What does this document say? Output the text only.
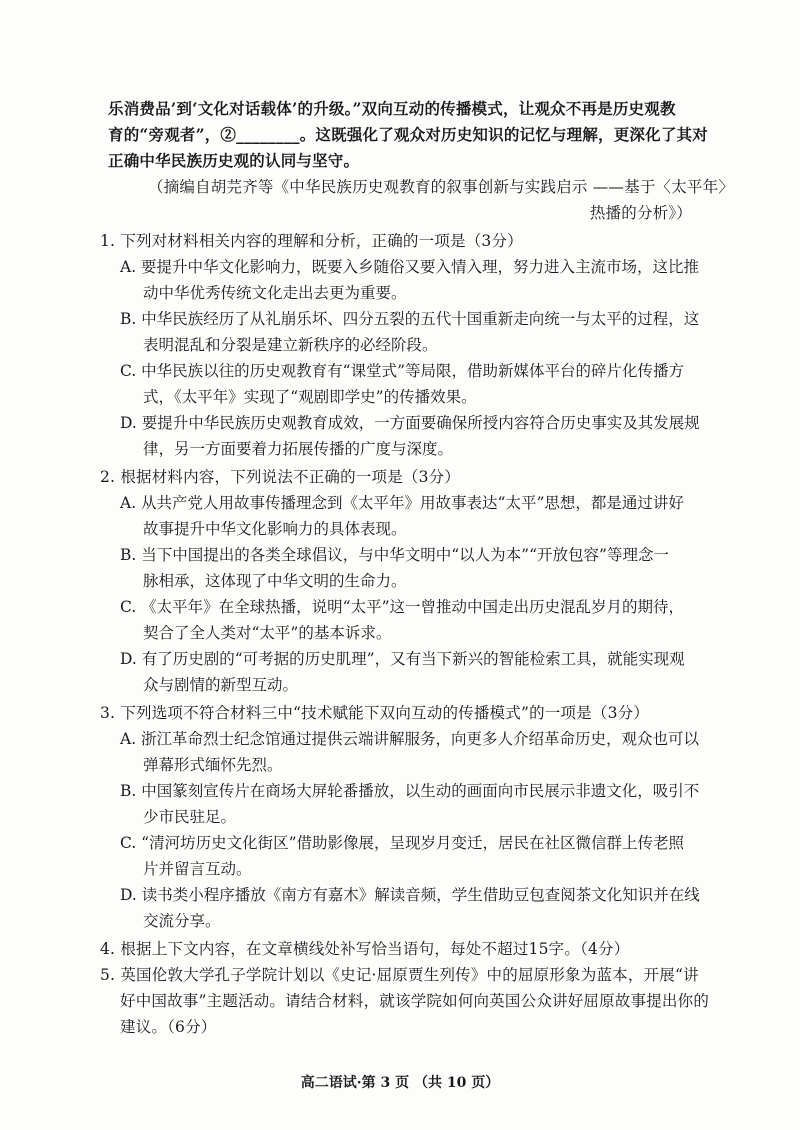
乐消费品’到‘文化对话载体’的升级。”双向互动的传播模式，让观众不再是历史观教
育的“旁观者”，②________。这既强化了观众对历史知识的记忆与理解，更深化了其对
正确中华民族历史观的认同与坚守。
（摘编自胡芫齐等《中华民族历史观教育的叙事创新与实践启示 ——基于〈太平年〉
热播的分析》）
1. 下列对材料相关内容的理解和分析，正确的一项是（3分）
A. 要提升中华文化影响力，既要入乡随俗又要入情入理，努力进入主流市场，这比推
动中华优秀传统文化走出去更为重要。
B. 中华民族经历了从礼崩乐坏、四分五裂的五代十国重新走向统一与太平的过程，这
表明混乱和分裂是建立新秩序的必经阶段。
C. 中华民族以往的历史观教育有“课堂式”等局限，借助新媒体平台的碎片化传播方
式，《太平年》实现了“观剧即学史”的传播效果。
D. 要提升中华民族历史观教育成效，一方面要确保所授内容符合历史事实及其发展规
律，另一方面要着力拓展传播的广度与深度。
2. 根据材料内容，下列说法不正确的一项是（3分）
A. 从共产党人用故事传播理念到《太平年》用故事表达“太平”思想，都是通过讲好
故事提升中华文化影响力的具体表现。
B. 当下中国提出的各类全球倡议，与中华文明中“以人为本”“开放包容”等理念一
脉相承，这体现了中华文明的生命力。
C. 《太平年》在全球热播，说明“太平”这一曾推动中国走出历史混乱岁月的期待，
契合了全人类对“太平”的基本诉求。
D. 有了历史剧的“可考据的历史肌理”，又有当下新兴的智能检索工具，就能实现观
众与剧情的新型互动。
3. 下列选项不符合材料三中“技术赋能下双向互动的传播模式”的一项是（3分）
A. 浙江革命烈士纪念馆通过提供云端讲解服务，向更多人介绍革命历史，观众也可以
弹幕形式缅怀先烈。
B. 中国篆刻宣传片在商场大屏轮番播放，以生动的画面向市民展示非遗文化，吸引不
少市民驻足。
C. “清河坊历史文化街区”借助影像展，呈现岁月变迁，居民在社区微信群上传老照
片并留言互动。
D. 读书类小程序播放《南方有嘉木》解读音频，学生借助豆包查阅茶文化知识并在线
交流分享。
4. 根据上下文内容，在文章横线处补写恰当语句，每处不超过15字。（4分）
5. 英国伦敦大学孔子学院计划以《史记·屈原贾生列传》中的屈原形象为蓝本，开展“讲
好中国故事”主题活动。请结合材料，就该学院如何向英国公众讲好屈原故事提出你的
建议。（6分）
高二语试·第 3 页 （共 10 页）
